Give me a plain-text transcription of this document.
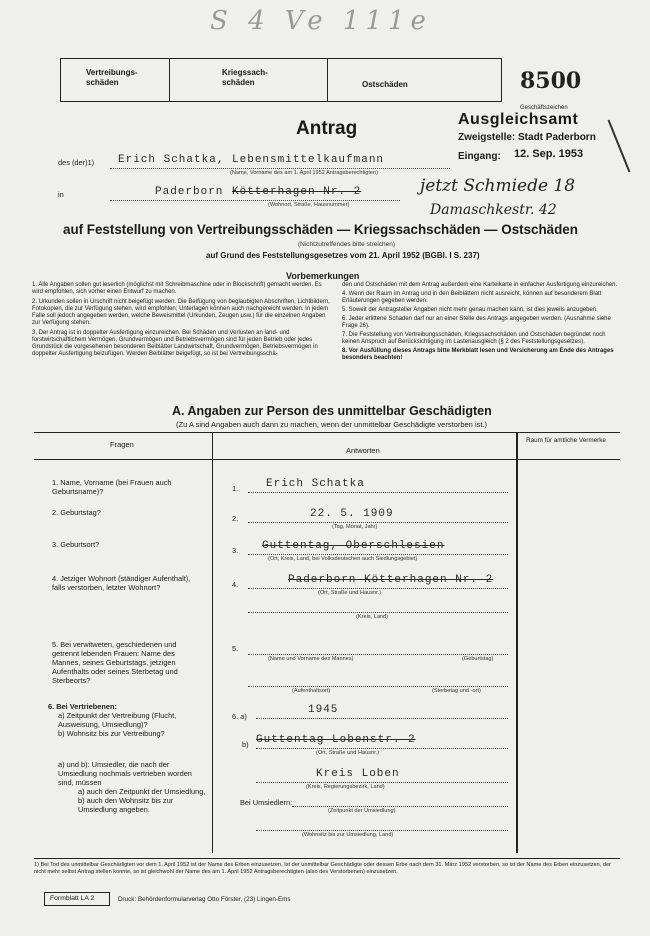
S 4 Ve 111e
Vertreibungs-
schäden
Kriegssach-
schäden	Ostschäden	8500
Geschäftszeichen
Ausgleichsamt
Zweigstelle: Stadt Paderborn
Eingang: 12. Sep. 1953
Antrag
des (der)1) Erich Schatka, Lebensmittelkaufmann
(Name, Vorname des am 1. April 1952 Antragsberechtigten)
in	Paderborn Kötterhagen Nr. 2
(Wohnort, Straße, Hausnummer)
jetzt Schmiede 18
Damaschkestr. 42
auf Feststellung von Vertreibungsschäden — Kriegssachschäden — Ostschäden
(Nichtzutreffendes bitte streichen)
auf Grund des Feststellungsgesetzes vom 21. April 1952 (BGBl. I S. 237)
Vorbemerkungen
1. Alle Angaben sollen gut leserlich (möglichst mit Schreibmaschine oder in Blockschrift) gemacht werden. Es wird empfohlen, sich vorher einen Entwurf zu machen.
2. Urkunden sollen in Urschrift nicht beigefügt werden. Die Beifügung von beglaubigten Abschriften, Lichtbildern, Fotokopien, die zur Verfügung stehen, wird empfohlen; Unterlagen können auch nachgereicht werden. In jedem Falle soll jedoch angegeben werden, welche Beweismittel (Urkunden, Zeugen usw.) für die einzelnen Angaben zur Verfügung stehen.
3. Der Antrag ist in doppelter Ausfertigung einzureichen. Bei Schäden und Verlusten an land- und forstwirtschaftlichem Vermögen, Grundvermögen und Betriebsvermögen sind für jeden Betrieb oder jedes Grundstück die vorgesehenen besonderen Beiblätter Landwirtschaft, Grundvermögen, Betriebsvermögen in doppelter Ausfertigung beizufügen. Werden Beiblätter beigefügt, so ist bei Vertreibungsschä-
den und Ostschäden mit dem Antrag außerdem eine Karteikarte in einfacher Ausfertigung einzureichen.
4. Wenn der Raum im Antrag und in den Beiblättern nicht ausreicht, können auf besonderem Blatt Erläuterungen gegeben werden.
5. Soweit der Antragsteller Angaben nicht mehr genau machen kann, ist dies jeweils anzugeben.
6. Jeder erlittene Schaden darf nur an einer Stelle des Antrags angegeben werden. (Ausnahme siehe Frage 26).
7. Die Feststellung von Vertreibungsschäden, Kriegssachschäden und Ostschäden begründet noch keinen Anspruch auf Berücksichtigung im Lastenausgleich (§ 2 des Feststellungsgesetzes).
8. Vor Ausfüllung dieses Antrags bitte Merkblatt lesen und Versicherung am Ende des Antrages besonders beachten!
A. Angaben zur Person des unmittelbar Geschädigten
(Zu A sind Angaben auch dann zu machen, wenn der unmittelbar Geschädigte verstorben ist.)
Fragen
Antworten
Raum für amtliche Vermerke
1. Name, Vorname (bei Frauen auch Geburtsname)?	1.	Erich Schatka
2. Geburtstag?
2.	22. 5. 1909
(Tag, Monat, Jahr)
3. Geburtsort?
3. Guttentag, Oberschlesien
(Ort, Kreis, Land, bei Volksdeutschen auch Siedlungsgebiet)
4. Jetziger Wohnort (ständiger Aufenthalt), falls verstorben, letzter Wohnort?	4.	Paderborn Kötterhagen Nr. 2
(Ort, Straße und Hausnr.)
(Kreis, Land)
5. Bei verwitweten, geschiedenen und getrennt lebenden Frauen: Name des Mannes, seines Geburtstags, jetzigen Aufenthalts oder seines Sterbetag und Sterbeorts?
5.
(Name und Vorname des Mannes)	(Geburtstag)
(Aufenthaltsort)	(Sterbetag und -ort)
6. Bei Vertriebenen:
a) Zeitpunkt der Vertreibung (Flucht, Ausweisung, Umsiedlung)?
b) Wohnsitz bis zur Vertreibung?
a) und b): Umsiedler, die nach der Umsiedlung nochmals vertrieben worden sind, müssen
a) auch den Zeitpunkt der Umsiedlung,
b) auch den Wohnsitz bis zur Umsiedlung angeben.
6. a)
1945
b) Guttentag Lobenstr. 2
(Ort, Straße und Hausnr.)
Kreis Loben
(Kreis, Regierungsbezirk, Land)
Bei Umsiedlern:
(Zeitpunkt der Umsiedlung)
(Wohnsitz bis zur Umsiedlung, Land)
1) Bei Tod des unmittelbar Geschädigten vor dem 1. April 1952 ist der Name des Erben einzusetzen. Ist der unmittelbar Geschädigte oder dessen Erbe nach dem 31. März 1952 verstorben, so ist der Name des Erben einzusetzen, der nicht mehr selbst Antrag stellen konnte, so ist gleichwohl der Name des am 1. April 1952 Antragsberechtigten (also des Verstorbenen) einzusetzen.
Formblatt LA 2	Druck: Behördenformularverlag Otto Förster, (23) Lingen-Ems
